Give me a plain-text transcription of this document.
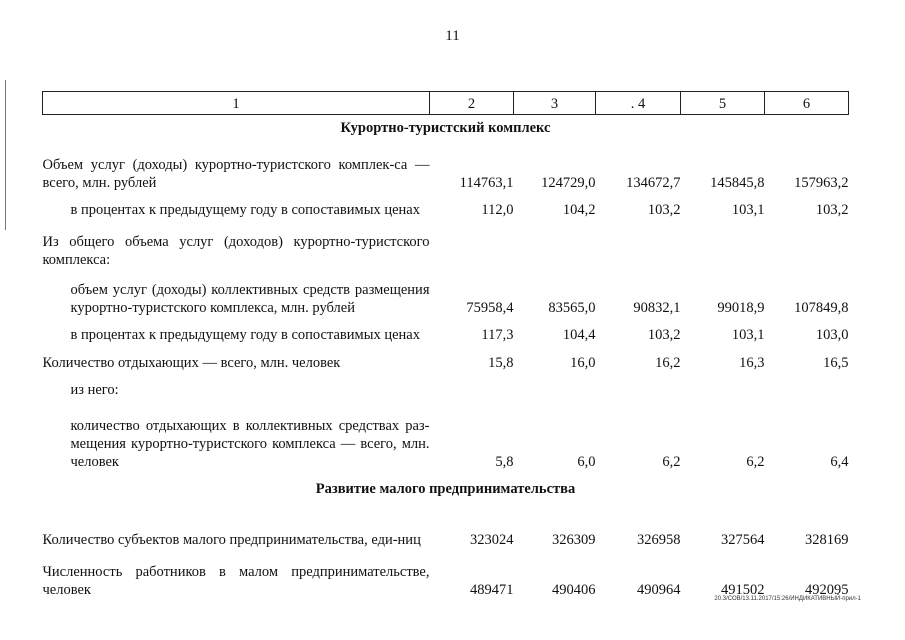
11
1	2	3	. 4	5	6
Курортно-туристский комплекс					
Объем услуг (доходы) курортно-туристского комплек-са — всего, млн. рублей	114763,1	124729,0	134672,7	145845,8	157963,2
в процентах к предыдущему году в сопоставимых ценах	112,0	104,2	103,2	103,1	103,2
Из общего объема услуг (доходов) курортно-туристского комплекса:					
объем услуг (доходы) коллективных средств размещения курортно-туристского комплекса, млн. рублей	75958,4	83565,0	90832,1	99018,9	107849,8
в процентах к предыдущему году в сопоставимых ценах	117,3	104,4	103,2	103,1	103,0
Количество отдыхающих — всего, млн. человек	15,8	16,0	16,2	16,3	16,5
из него:					
количество отдыхающих в коллективных средствах раз-мещения курортно-туристского комплекса — всего, млн. человек	5,8	6,0	6,2	6,2	6,4
Развитие малого предпринимательства					
Количество субъектов малого предпринимательства, еди-ниц	323024	326309	326958	327564	328169
Численность работников в малом предпринимательстве, человек	489471	490406	490964	491502	492095
20.3/СОВ/13.11.2017/15:26/ИНДИКАТИВНЫЙ-прил-1
